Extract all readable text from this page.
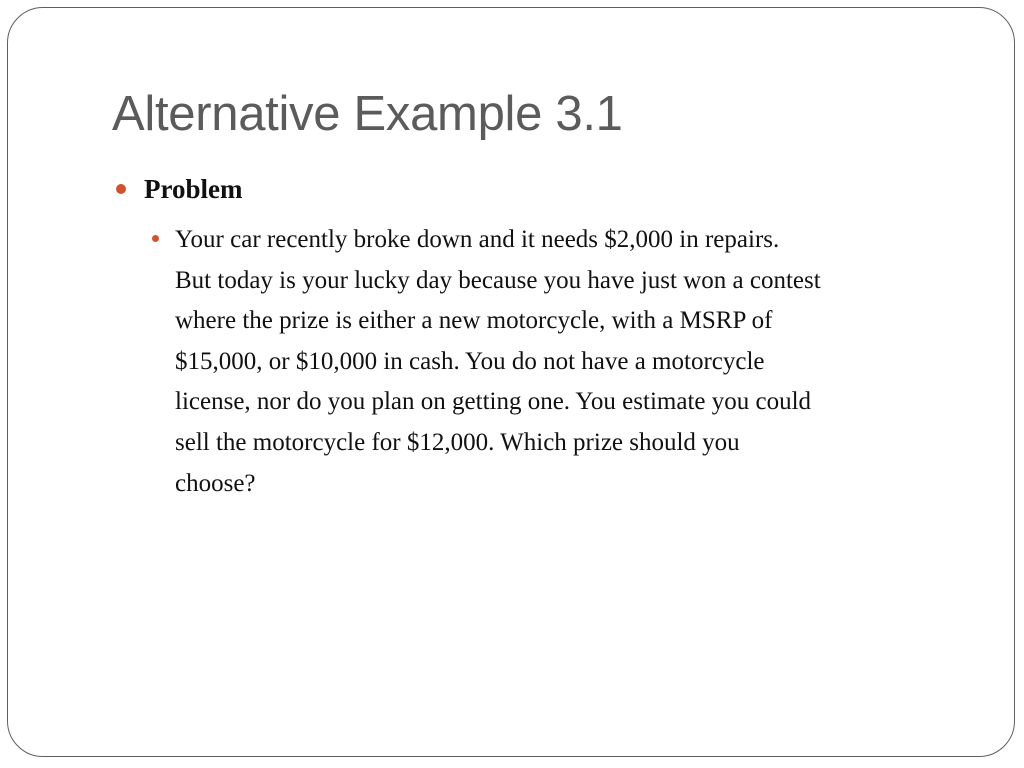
Alternative Example 3.1
Problem

Your car recently broke down and it needs $2,000 in repairs.
But today is your lucky day because you have just won a contest
where the prize is either a new motorcycle, with a MSRP of
$15,000, or $10,000 in cash. You do not have a motorcycle
license, nor do you plan on getting one. You estimate you could
sell the motorcycle for $12,000. Which prize should you
choose?
